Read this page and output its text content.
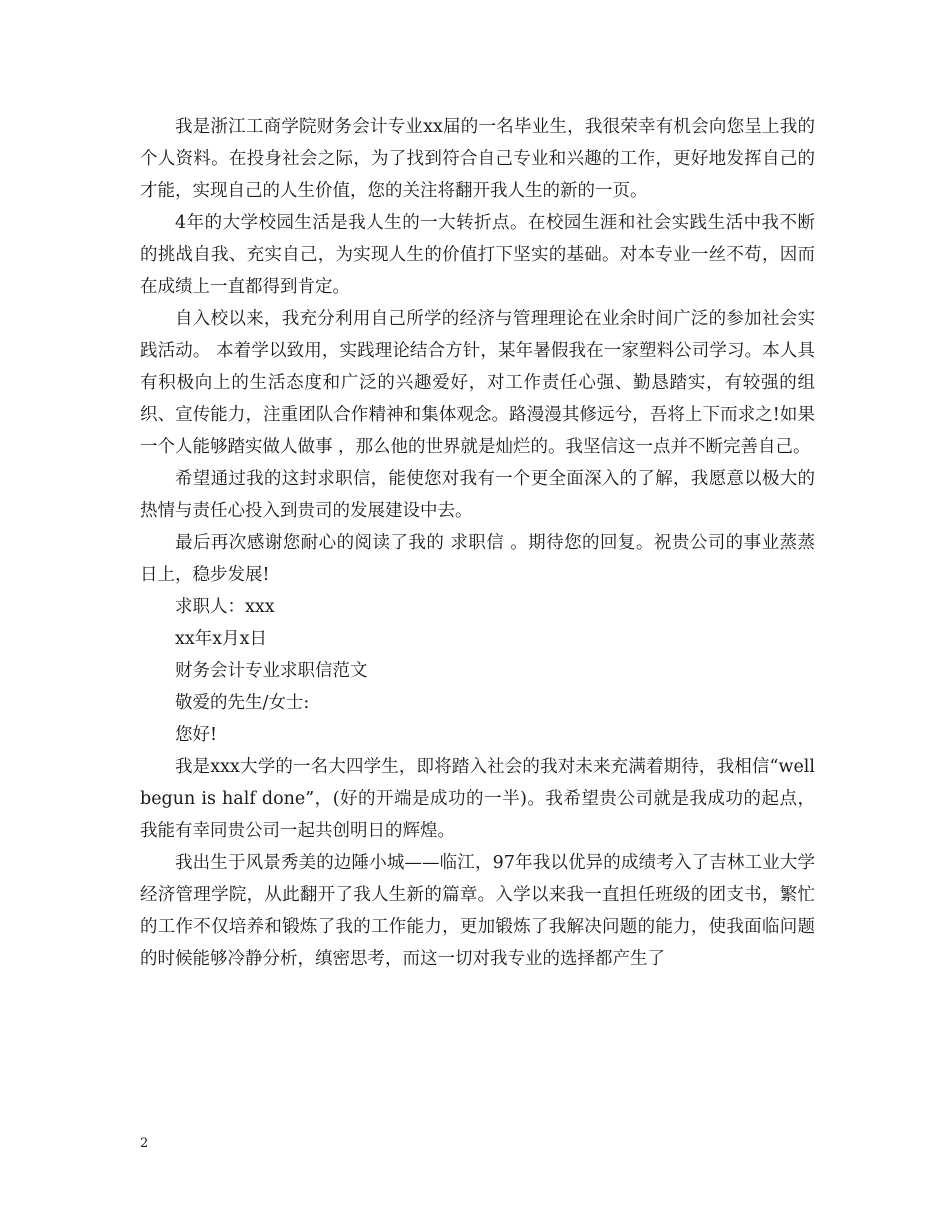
我是浙江工商学院财务会计专业xx届的一名毕业生，我很荣幸有机会向您呈上我的个人资料。在投身社会之际，为了找到符合自己专业和兴趣的工作，更好地发挥自己的才能，实现自己的人生价值，您的关注将翻开我人生的新的一页。

4年的大学校园生活是我人生的一大转折点。在校园生涯和社会实践生活中我不断的挑战自我、充实自己，为实现人生的价值打下坚实的基础。对本专业一丝不苟，因而在成绩上一直都得到肯定。

自入校以来，我充分利用自己所学的经济与管理理论在业余时间广泛的参加社会实践活动。 本着学以致用，实践理论结合方针，某年暑假我在一家塑料公司学习。本人具有积极向上的生活态度和广泛的兴趣爱好，对工作责任心强、勤恳踏实，有较强的组织、宣传能力，注重团队合作精神和集体观念。路漫漫其修远兮，吾将上下而求之!如果一个人能够踏实做人做事 ，那么他的世界就是灿烂的。我坚信这一点并不断完善自己。

希望通过我的这封求职信，能使您对我有一个更全面深入的了解，我愿意以极大的热情与责任心投入到贵司的发展建设中去。

最后再次感谢您耐心的阅读了我的 求职信 。期待您的回复。祝贵公司的事业蒸蒸日上，稳步发展!

求职人：xxx

xx年x月x日

财务会计专业求职信范文

敬爱的先生/女士:

您好!

我是xxx大学的一名大四学生，即将踏入社会的我对未来充满着期待，我相信“well begun is half done”，(好的开端是成功的一半)。我希望贵公司就是我成功的起点，我能有幸同贵公司一起共创明日的辉煌。

我出生于风景秀美的边陲小城——临江，97年我以优异的成绩考入了吉林工业大学经济管理学院，从此翻开了我人生新的篇章。入学以来我一直担任班级的团支书，繁忙的工作不仅培养和锻炼了我的工作能力，更加锻炼了我解决问题的能力，使我面临问题的时候能够冷静分析，缜密思考，而这一切对我专业的选择都产生了

2
